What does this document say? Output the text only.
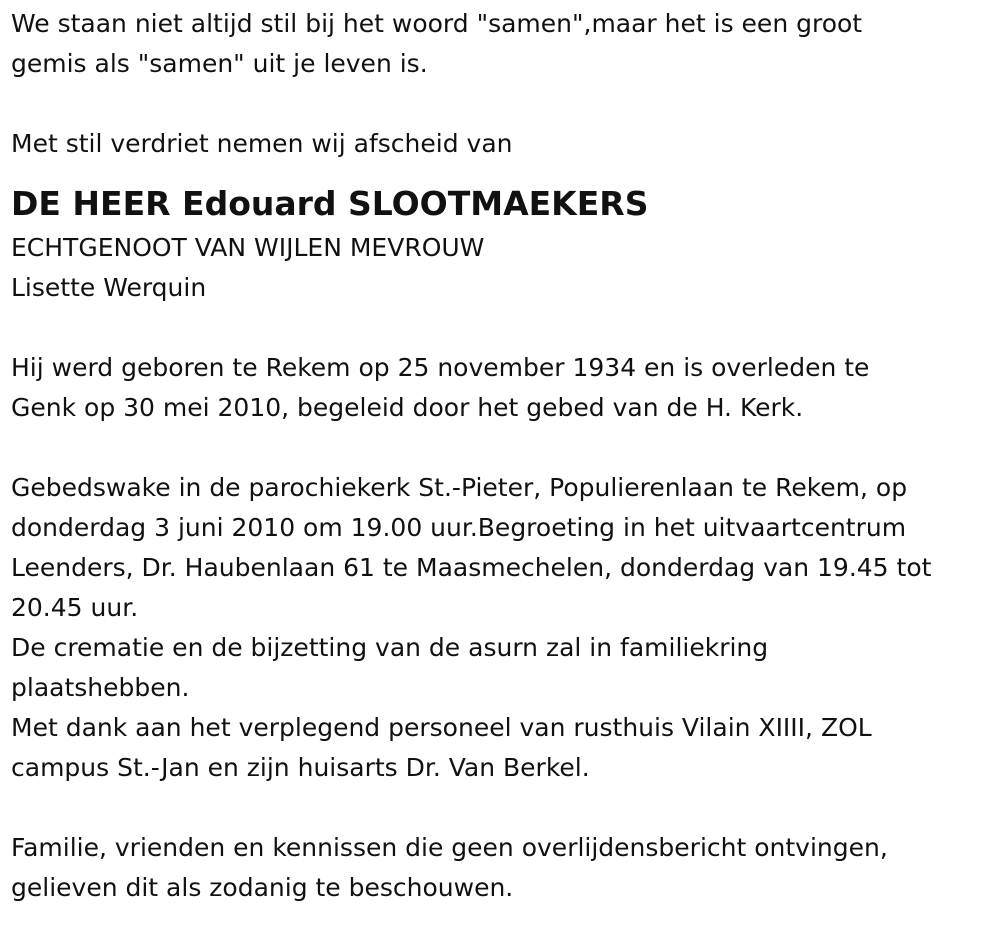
We staan niet altijd stil bij het woord "samen",maar het is een groot
gemis als "samen" uit je leven is.
Met stil verdriet nemen wij afscheid van
DE HEER Edouard SLOOTMAEKERS
ECHTGENOOT VAN WIJLEN MEVROUW
Lisette Werquin
Hij werd geboren te Rekem op 25 november 1934 en is overleden te
Genk op 30 mei 2010, begeleid door het gebed van de H. Kerk.
Gebedswake in de parochiekerk St.-Pieter, Populierenlaan te Rekem, op
donderdag 3 juni 2010 om 19.00 uur.Begroeting in het uitvaartcentrum
Leenders, Dr. Haubenlaan 61 te Maasmechelen, donderdag van 19.45 tot
20.45 uur.
De crematie en de bijzetting van de asurn zal in familiekring
plaatshebben.
Met dank aan het verplegend personeel van rusthuis Vilain XIIII, ZOL
campus St.-Jan en zijn huisarts Dr. Van Berkel.
Familie, vrienden en kennissen die geen overlijdensbericht ontvingen,
gelieven dit als zodanig te beschouwen.
